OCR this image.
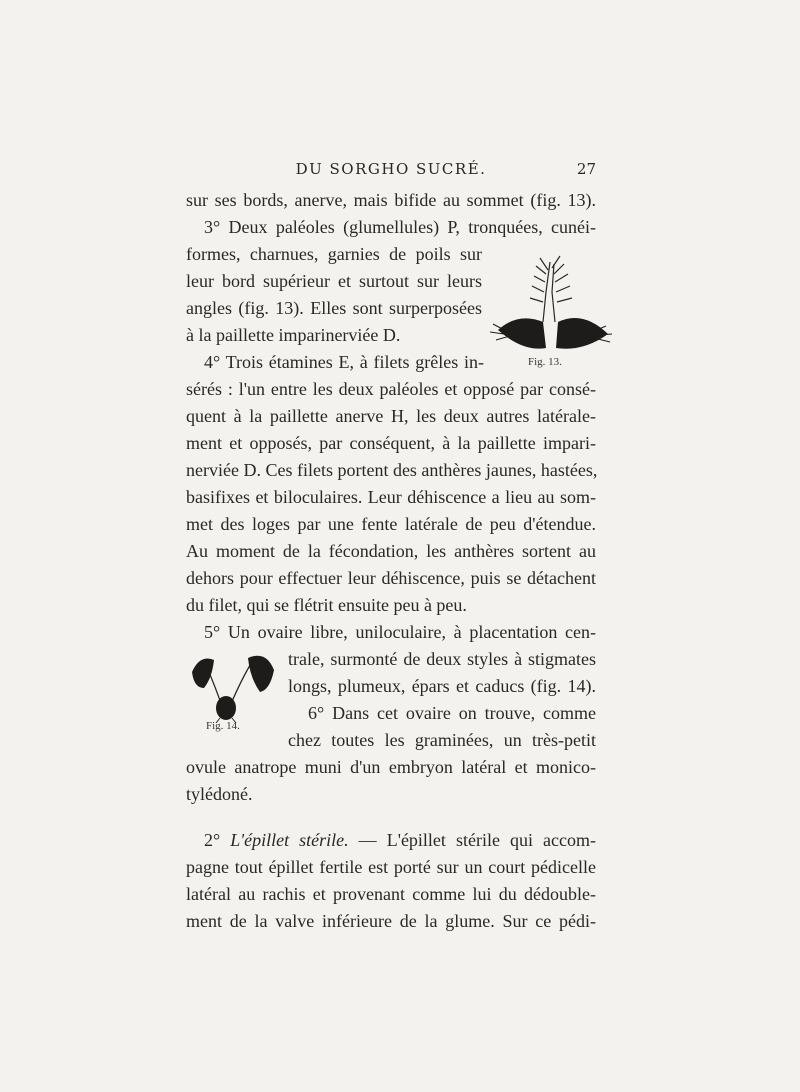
DU SORGHO SUCRÉ.	27
sur ses bords, anerve, mais bifide au sommet (fig. 13).
3° Deux paléoles (glumellules) P, tronquées, cunéi-
formes, charnues, garnies de poils sur
leur bord supérieur et surtout sur leurs
angles (fig. 13). Elles sont surperposées
à la paillette imparinerviée D.
4° Trois étamines E, à filets grêles in-
sérés : l'un entre les deux paléoles et opposé par consé-
quent à la paillette anerve H, les deux autres latérale-
ment et opposés, par conséquent, à la paillette impari-
nerviée D. Ces filets portent des anthères jaunes, hastées,
basifixes et biloculaires. Leur déhiscence a lieu au som-
met des loges par une fente latérale de peu d'étendue.
Au moment de la fécondation, les anthères sortent au
dehors pour effectuer leur déhiscence, puis se détachent
du filet, qui se flétrit ensuite peu à peu.
5° Un ovaire libre, uniloculaire, à placentation cen-
trale, surmonté de deux styles à stigmates
longs, plumeux, épars et caducs (fig. 14).
6° Dans cet ovaire on trouve, comme
chez toutes les graminées, un très-petit
ovule anatrope muni d'un embryon latéral et monico-
tylédoné.
2° L'épillet stérile. — L'épillet stérile qui accom-
pagne tout épillet fertile est porté sur un court pédicelle
latéral au rachis et provenant comme lui du dédouble-
ment de la valve inférieure de la glume. Sur ce pédi-
Fig. 13.
Fig. 14.
